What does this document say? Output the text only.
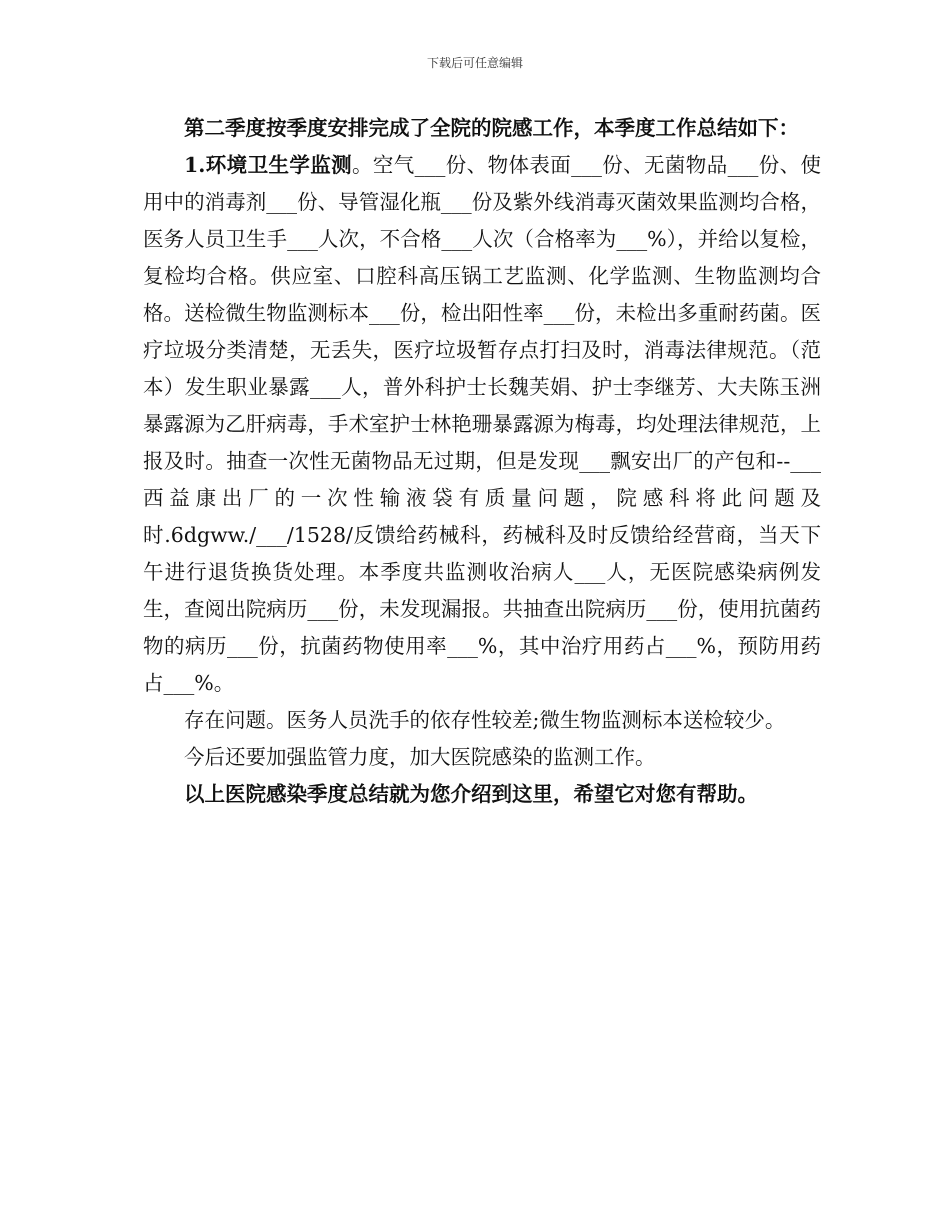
下载后可任意编辑

第二季度按季度安排完成了全院的院感工作，本季度工作总结如下：

1.环境卫生学监测。空气___份、物体表面___份、无菌物品___份、使用中的消毒剂___份、导管湿化瓶___份及紫外线消毒灭菌效果监测均合格，医务人员卫生手___人次，不合格___人次（合格率为___%），并给以复检，复检均合格。供应室、口腔科高压锅工艺监测、化学监测、生物监测均合格。送检微生物监测标本___份，检出阳性率___份，未检出多重耐药菌。医疗垃圾分类清楚，无丢失，医疗垃圾暂存点打扫及时，消毒法律规范。（范本）发生职业暴露___人，普外科护士长魏芙娟、护士李继芳、大夫陈玉洲暴露源为乙肝病毒，手术室护士林艳珊暴露源为梅毒，均处理法律规范，上报及时。抽查一次性无菌物品无过期，但是发现___飘安出厂的产包和--___西益康出厂的一次性输液袋有质量问题，院感科将此问题及时.6dgww./___/1528/反馈给药械科，药械科及时反馈给经营商，当天下午进行退货换货处理。本季度共监测收治病人___人，无医院感染病例发生，查阅出院病历___份，未发现漏报。共抽查出院病历___份，使用抗菌药物的病历___份，抗菌药物使用率___%，其中治疗用药占___%，预防用药占___%。

存在问题。医务人员洗手的依存性较差;微生物监测标本送检较少。

今后还要加强监管力度，加大医院感染的监测工作。

以上医院感染季度总结就为您介绍到这里，希望它对您有帮助。
